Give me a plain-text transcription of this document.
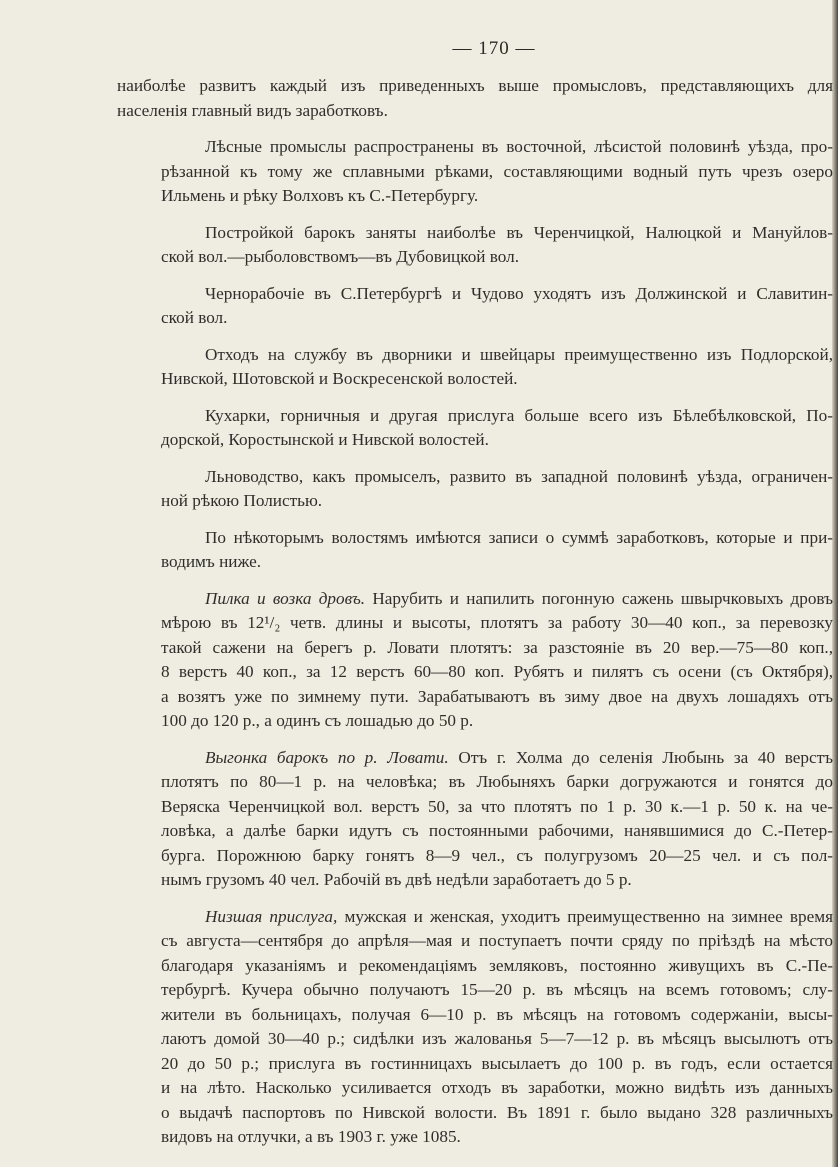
— 170 —
наиболѣе развитъ каждый изъ приведенныхъ выше промысловъ, представляющихъ для
населенія главный видъ заработковъ.
Лѣсные промыслы распространены въ восточной, лѣсистой половинѣ уѣзда, про-
рѣзанной къ тому же сплавными рѣками, составляющими водный путь чрезъ озеро
Ильмень и рѣку Волховъ къ С.-Петербургу.
Постройкой барокъ заняты наиболѣе въ Черенчицкой, Налюцкой и Мануйлов-
ской вол.—рыболовствомъ—въ Дубовицкой вол.
Чернорабочіе въ С.Петербургѣ и Чудово уходятъ изъ Должинской и Славитин-
ской вол.
Отходъ на службу въ дворники и швейцары преимущественно изъ Подлорской,
Нивской, Шотовской и Воскресенской волостей.
Кухарки, горничныя и другая прислуга больше всего изъ Бѣлебѣлковской, По-
дорской, Коростынской и Нивской волостей.
Льноводство, какъ промыселъ, развито въ западной половинѣ уѣзда, ограничен-
ной рѣкою Полистью.
По нѣкоторымъ волостямъ имѣются записи о суммѣ заработковъ, которые и при-
водимъ ниже.
Пилка и возка дровъ. Нарубить и напилить погонную сажень швырчковыхъ дровъ
мѣрою въ 12¹/₂ четв. длины и высоты, плотятъ за работу 30—40 коп., за перевозку
такой сажени на берегъ р. Ловати плотятъ: за разстояніе въ 20 вер.—75—80 коп.,
8 верстъ 40 коп., за 12 верстъ 60—80 коп. Рубятъ и пилятъ съ осени (съ Октября),
а возятъ уже по зимнему пути. Зарабатываютъ въ зиму двое на двухъ лошадяхъ отъ
100 до 120 р., а одинъ съ лошадью до 50 р.
Выгонка барокъ по р. Ловати. Отъ г. Холма до селенія Любынь за 40 верстъ
плотятъ по 80—1 р. на человѣка; въ Любыняхъ барки догружаются и гонятся до
Веряска Черенчицкой вол. верстъ 50, за что плотятъ по 1 р. 30 к.—1 р. 50 к. на че-
ловѣка, а далѣе барки идутъ съ постоянными рабочими, нанявшимися до С.-Петер-
бурга. Порожнюю барку гонятъ 8—9 чел., съ полугрузомъ 20—25 чел. и съ пол-
нымъ грузомъ 40 чел. Рабочій въ двѣ недѣли заработаетъ до 5 р.
Низшая прислуга, мужская и женская, уходитъ преимущественно на зимнее время
съ августа—сентября до апрѣля—мая и поступаетъ почти сряду по пріѣздѣ на мѣсто
благодаря указаніямъ и рекомендаціямъ земляковъ, постоянно живущихъ въ С.-Пе-
тербургѣ. Кучера обычно получаютъ 15—20 р. въ мѣсяцъ на всемъ готовомъ; слу-
жители въ больницахъ, получая 6—10 р. въ мѣсяцъ на готовомъ содержаніи, высы-
лаютъ домой 30—40 р.; сидѣлки изъ жалованья 5—7—12 р. въ мѣсяцъ высылютъ отъ
20 до 50 р.; прислуга въ гостинницахъ высылаетъ до 100 р. въ годъ, если остается
и на лѣто. Насколько усиливается отходъ въ заработки, можно видѣть изъ данныхъ
о выдачѣ паспортовъ по Нивской волости. Въ 1891 г. было выдано 328 различныхъ
видовъ на отлучки, а въ 1903 г. уже 1085.
